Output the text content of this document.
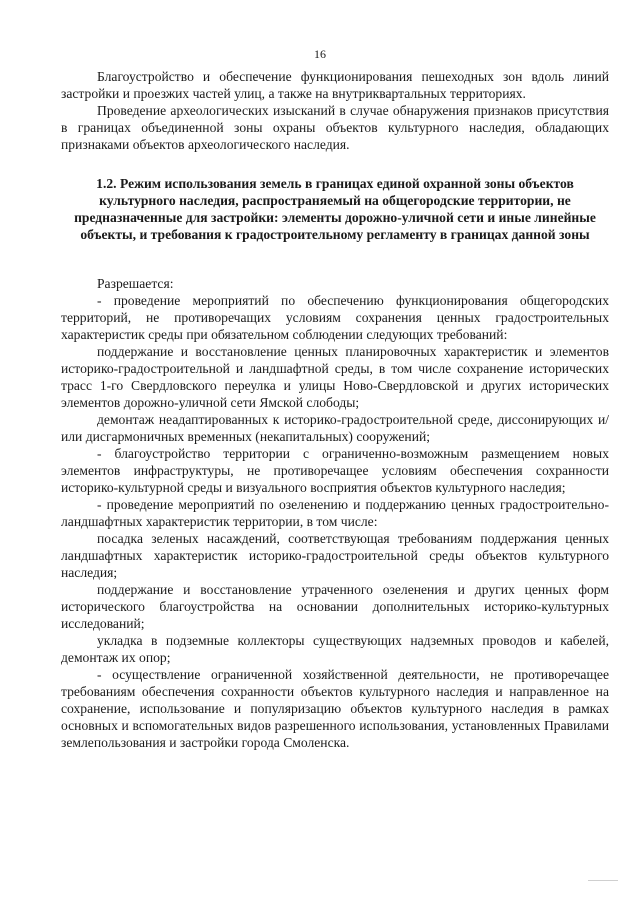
16

Благоустройство и обеспечение функционирования пешеходных зон вдоль линий застройки и проезжих частей улиц, а также на внутриквартальных территориях.

Проведение археологических изысканий в случае обнаружения признаков присутствия в границах объединенной зоны охраны объектов культурного наследия, обладающих признаками объектов археологического наследия.

1.2. Режим использования земель в границах единой охранной зоны объектов культурного наследия, распространяемый на общегородские территории, не предназначенные для застройки: элементы дорожно-уличной сети и иные линейные объекты, и требования к градостроительному регламенту в границах данной зоны

Разрешается:

- проведение мероприятий по обеспечению функционирования общегородских территорий, не противоречащих условиям сохранения ценных градостроительных характеристик среды при обязательном соблюдении следующих требований:

поддержание и восстановление ценных планировочных характеристик и элементов историко-градостроительной и ландшафтной среды, в том числе сохранение исторических трасс 1-го Свердловского переулка и улицы Ново-Свердловской и других исторических элементов дорожно-уличной сети Ямской слободы;

демонтаж неадаптированных к историко-градостроительной среде, диссонирующих и/или дисгармоничных временных (некапитальных) сооружений;

- благоустройство территории с ограниченно-возможным размещением новых элементов инфраструктуры, не противоречащее условиям обеспечения сохранности историко-культурной среды и визуального восприятия объектов культурного наследия;

- проведение мероприятий по озеленению и поддержанию ценных градостроительно-ландшафтных характеристик территории, в том числе:

посадка зеленых насаждений, соответствующая требованиям поддержания ценных ландшафтных характеристик историко-градостроительной среды объектов культурного наследия;

поддержание и восстановление утраченного озеленения и других ценных форм исторического благоустройства на основании дополнительных историко-культурных исследований;

укладка в подземные коллекторы существующих надземных проводов и кабелей, демонтаж их опор;

- осуществление ограниченной хозяйственной деятельности, не противоречащее требованиям обеспечения сохранности объектов культурного наследия и направленное на сохранение, использование и популяризацию объектов культурного наследия в рамках основных и вспомогательных видов разрешенного использования, установленных Правилами землепользования и застройки города Смоленска.
